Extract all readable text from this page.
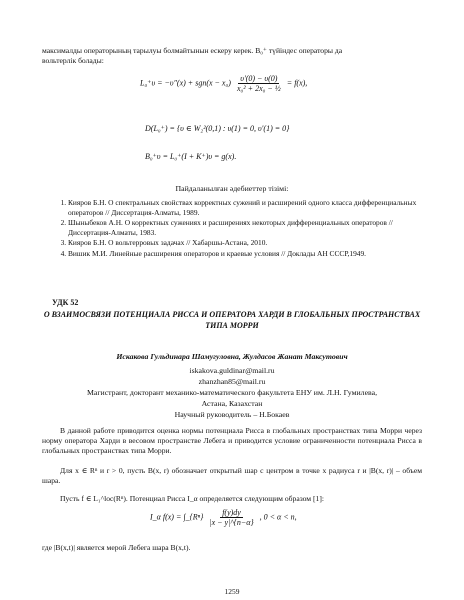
максималды операторының тарылуы болмайтынын ескеру керек. B₀⁺ түйіндес операторы да
вольтерлік болады:
$L_0^+\upsilon = -\upsilon''(x) + sgn(x - x_0) \frac{\upsilon'(0) - \upsilon(0)}{\text{x₀² + 2x₀ − ½}} = f(x)$,
D(L₀⁺) = {υ ∈ W₂²(0,1) : υ(1) = 0, υ′(1) = 0}
B₀⁺υ = L₀⁺(I + K⁺)υ = g(x).
Пайдаланылған әдебиеттер тізімі:
1. Кияров Б.Н. О спектральных свойствах корректных сужений и расширений одного класса дифференциальных операторов // Диссертация-Алматы, 1989.
2. Шыныбеков А.Н. О корректных сужениях и расширениях некоторых дифференциальных операторов // Диссертация-Алматы, 1983.
3. Кияров Б.Н. О вольтерровых задачах // Хабаршы-Астана, 2010.
4. Вишик М.И. Линейные расширения операторов и краевые условия // Доклады АН СССР,1949.
УДК 52
О ВЗАИМОСВЯЗИ ПОТЕНЦИАЛА РИССА И ОПЕРАТОРА ХАРДИ В ГЛОБАЛЬНЫХ ПРОСТРАНСТВАХ ТИПА МОРРИ
Искакова Гульдинара Шамугуловна, Жулдасов Жанат Максутович
iskakova.guldinar@mail.ru
zhanzhan85@mail.ru
Магистрант, докторант механико-математического факультета ЕНУ им. Л.Н. Гумилева,
Астана, Казахстан
Научный руководитель – Н.Бокаев
В данной работе приводится оценка нормы потенциала Рисса в глобальных пространствах типа Морри через норму оператора Харди в весовом пространстве Лебега и приводится условие ограниченности потенциала Рисса в глобальных пространствах типа Морри.
Для x ∈ Rⁿ и r > 0, пусть B(x, r) обозначает открытый шар с центром в точке x радиуса r и |B(x, r)| – объем шара.
Пусть f ∈ L₁^loc(Rⁿ). Потенциал Рисса I_α определяется следующим образом [1]:
I_α f(x) = ∫_{Rⁿ} $\frac{f(y)dy}{|x - y|\^{}\{n-\alpha\}}$ , 0 < α < n,
где |B(x,t)| является мерой Лебега шара B(x,t).
1259
